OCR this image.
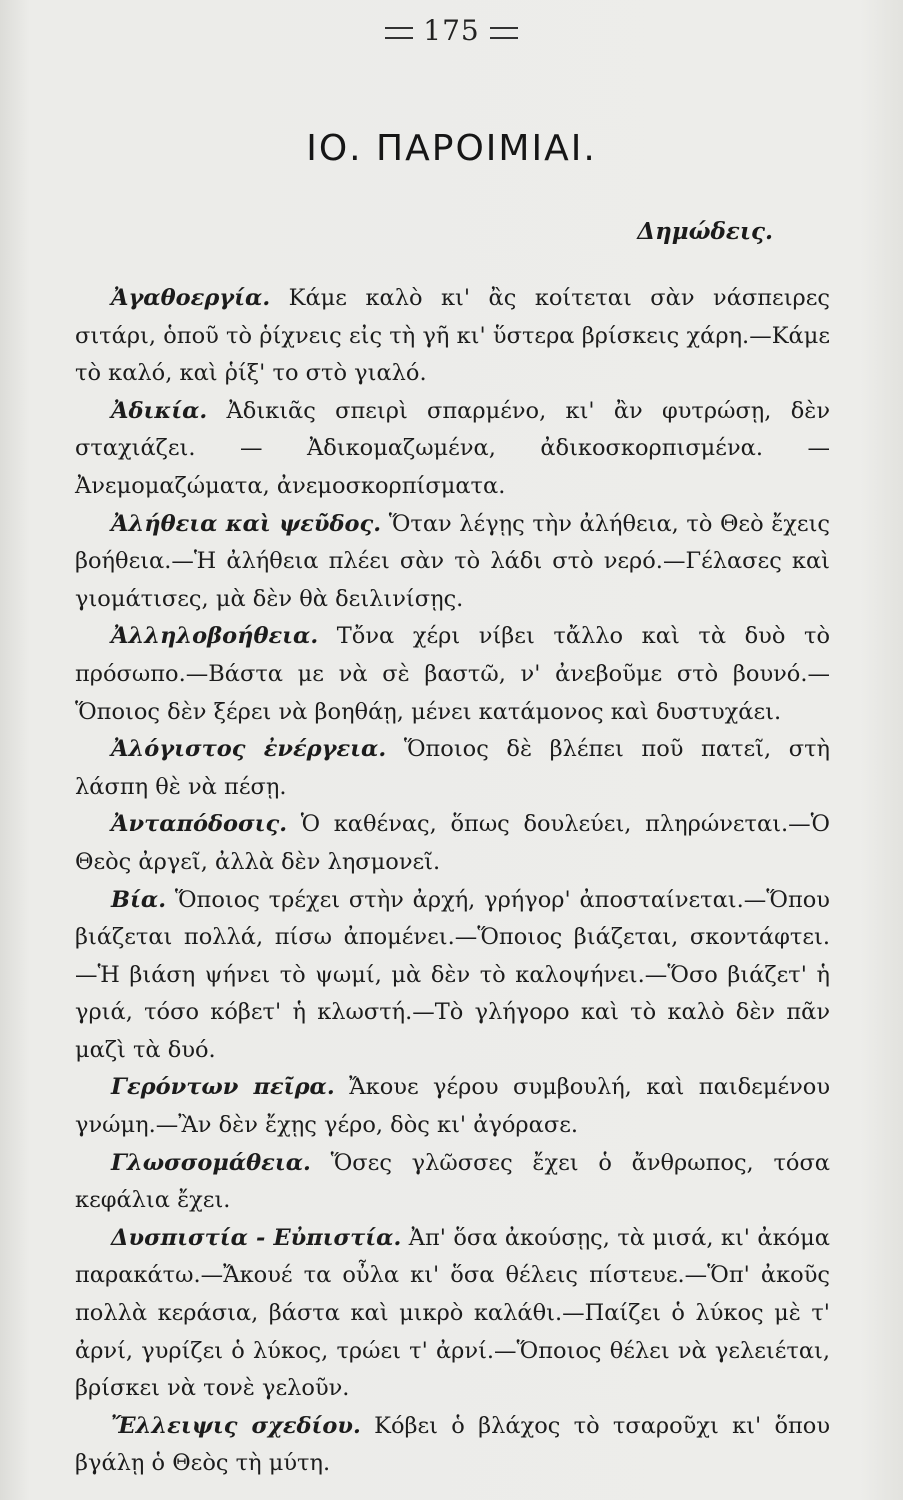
175
ΙΟ. ΠΑΡΟΙΜΙΑΙ.
Δημώδεις.

Ἀγαθοεργία. Κάμε καλὸ κι' ἂς κοίτεται σὰν νάσπειρες σιτάρι, ὁποῦ τὸ ῥίχνεις εἰς τὴ γῆ κι' ὕστερα βρίσκεις χάρη.—Κάμε τὸ καλό, καὶ ῥίξ' το στὸ γιαλό.

Ἀδικία. Ἀδικιᾶς σπειρὶ σπαρμένο, κι' ἂν φυτρώσῃ, δὲν σταχιάζει. — Ἀδικομαζωμένα, ἀδικοσκορπισμένα. — Ἀνεμομαζώματα, ἀνεμοσκορπίσματα.

Ἀλήθεια καὶ ψεῦδος. Ὅταν λέγῃς τὴν ἀλήθεια, τὸ Θεὸ ἔχεις βοήθεια.—Ἡ ἀλήθεια πλέει σὰν τὸ λάδι στὸ νερό.—Γέλασες καὶ γιομάτισες, μὰ δὲν θὰ δειλινίσῃς.

Ἀλληλοβοήθεια. Τὄνα χέρι νίβει τἄλλο καὶ τὰ δυὸ τὸ πρόσωπο.—Βάστα με νὰ σὲ βαστῶ, ν' ἀνεβοῦμε στὸ βουνό.—Ὅποιος δὲν ξέρει νὰ βοηθάῃ, μένει κατάμονος καὶ δυστυχάει.

Ἀλόγιστος ἐνέργεια. Ὅποιος δὲ βλέπει ποῦ πατεῖ, στὴ λάσπη θὲ νὰ πέσῃ.

Ἀνταπόδοσις. Ὁ καθένας, ὅπως δουλεύει, πληρώνεται.—Ὁ Θεὸς ἀργεῖ, ἀλλὰ δὲν λησμονεῖ.

Βία. Ὅποιος τρέχει στὴν ἀρχή, γρήγορ' ἀποσταίνεται.—Ὅπου βιάζεται πολλά, πίσω ἀπομένει.—Ὅποιος βιάζεται, σκοντάφτει.—Ἡ βιάση ψήνει τὸ ψωμί, μὰ δὲν τὸ καλοψήνει.—Ὅσο βιάζετ' ἡ γριά, τόσο κόβετ' ἡ κλωστή.—Τὸ γλήγορο καὶ τὸ καλὸ δὲν πᾶν μαζὶ τὰ δυό.

Γερόντων πεῖρα. Ἄκουε γέρου συμβουλή, καὶ παιδεμένου γνώμη.—Ἂν δὲν ἔχῃς γέρο, δὸς κι' ἀγόρασε.

Γλωσσομάθεια. Ὅσες γλῶσσες ἔχει ὁ ἄνθρωπος, τόσα κεφάλια ἔχει.

Δυσπιστία - Εὐπιστία. Ἀπ' ὅσα ἀκούσῃς, τὰ μισά, κι' ἀκόμα παρακάτω.—Ἄκουέ τα οὖλα κι' ὅσα θέλεις πίστευε.—Ὅπ' ἀκοῦς πολλὰ κεράσια, βάστα καὶ μικρὸ καλάθι.—Παίζει ὁ λύκος μὲ τ' ἀρνί, γυρίζει ὁ λύκος, τρώει τ' ἀρνί.—Ὅποιος θέλει νὰ γελειέται, βρίσκει νὰ τονὲ γελοῦν.

Ἔλλειψις σχεδίου. Κόβει ὁ βλάχος τὸ τσαροῦχι κι' ὅπου βγάλῃ ὁ Θεὸς τὴ μύτη.
